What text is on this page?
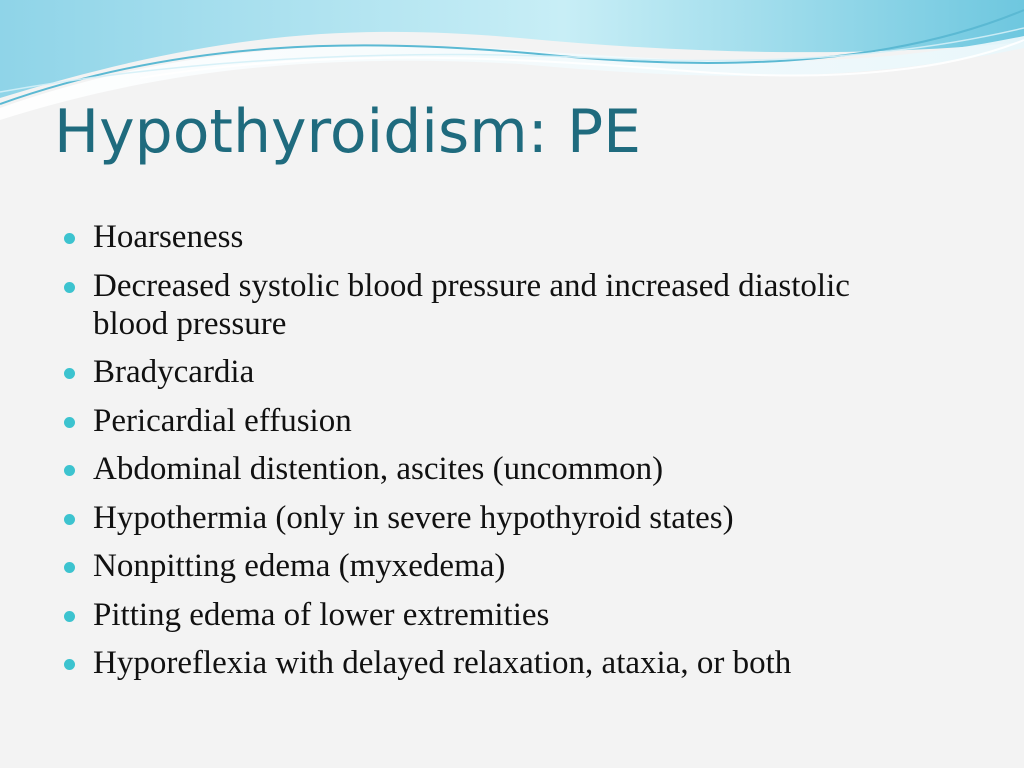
Hypothyroidism: PE
Hoarseness
Decreased systolic blood pressure and increased diastolic blood pressure
Bradycardia
Pericardial effusion
Abdominal distention, ascites (uncommon)
Hypothermia (only in severe hypothyroid states)
Nonpitting edema (myxedema)
Pitting edema of lower extremities
Hyporeflexia with delayed relaxation, ataxia, or both
